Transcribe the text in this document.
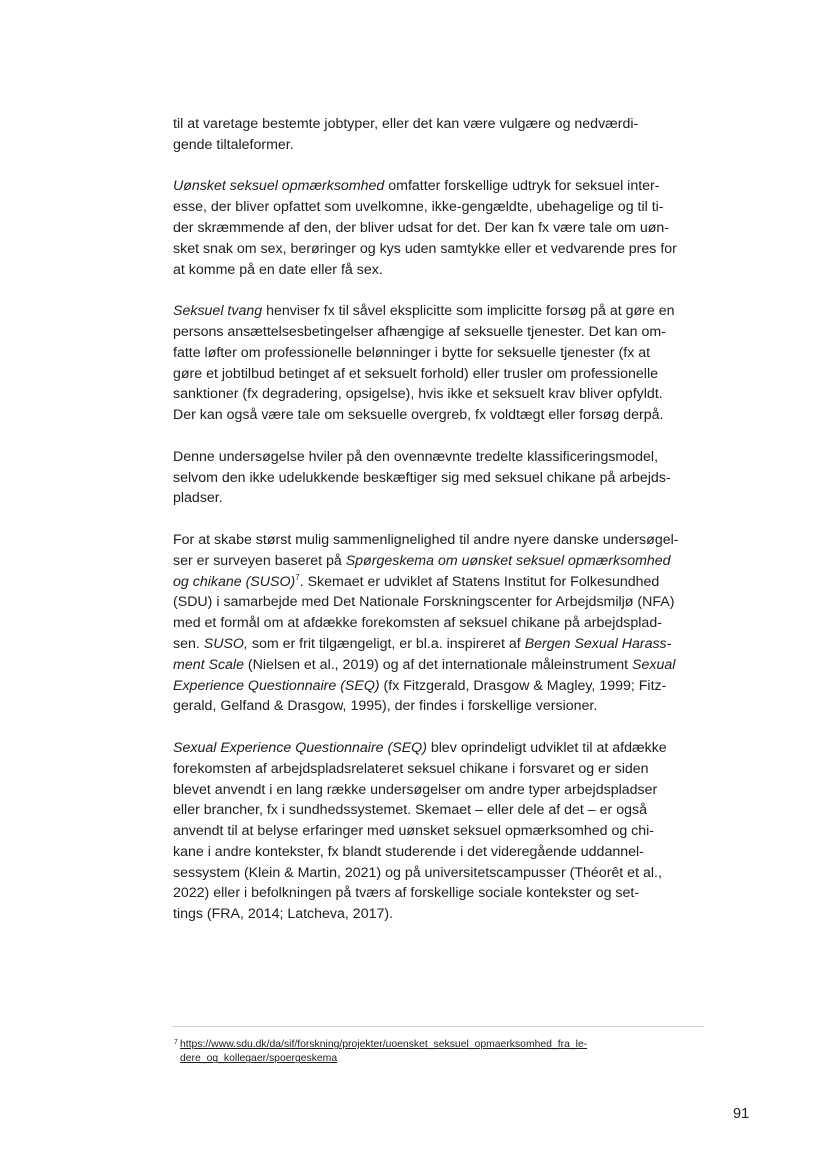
til at varetage bestemte jobtyper, eller det kan være vulgære og nedværdi-
gende tiltaleformer.

Uønsket seksuel opmærksomhed omfatter forskellige udtryk for seksuel inter-
esse, der bliver opfattet som uvelkomne, ikke-gengældte, ubehagelige og til ti-
der skræmmende af den, der bliver udsat for det. Der kan fx være tale om uøn-
sket snak om sex, berøringer og kys uden samtykke eller et vedvarende pres for
at komme på en date eller få sex.

Seksuel tvang henviser fx til såvel eksplicitte som implicitte forsøg på at gøre en
persons ansættelsesbetingelser afhængige af seksuelle tjenester. Det kan om-
fatte løfter om professionelle belønninger i bytte for seksuelle tjenester (fx at
gøre et jobtilbud betinget af et seksuelt forhold) eller trusler om professionelle
sanktioner (fx degradering, opsigelse), hvis ikke et seksuelt krav bliver opfyldt.
Der kan også være tale om seksuelle overgreb, fx voldtægt eller forsøg derpå.

Denne undersøgelse hviler på den ovennævnte tredelte klassificeringsmodel,
selvom den ikke udelukkende beskæftiger sig med seksuel chikane på arbejds-
pladser.

For at skabe størst mulig sammenlignelighed til andre nyere danske undersøgel-
ser er surveyen baseret på Spørgeskema om uønsket seksuel opmærksomhed
og chikane (SUSO)$^7$. Skemaet er udviklet af Statens Institut for Folkesundhed
(SDU) i samarbejde med Det Nationale Forskningscenter for Arbejdsmiljø (NFA)
med et formål om at afdække forekomsten af seksuel chikane på arbejdsplad-
sen. SUSO, som er frit tilgængeligt, er bl.a. inspireret af Bergen Sexual Harass-
ment Scale (Nielsen et al., 2019) og af det internationale måleinstrument Sexual
Experience Questionnaire (SEQ) (fx Fitzgerald, Drasgow & Magley, 1999; Fitz-
gerald, Gelfand & Drasgow, 1995), der findes i forskellige versioner.

Sexual Experience Questionnaire (SEQ) blev oprindeligt udviklet til at afdække
forekomsten af arbejdspladsrelateret seksuel chikane i forsvaret og er siden
blevet anvendt i en lang række undersøgelser om andre typer arbejdspladser
eller brancher, fx i sundhedssystemet. Skemaet – eller dele af det – er også
anvendt til at belyse erfaringer med uønsket seksuel opmærksomhed og chi-
kane i andre kontekster, fx blandt studerende i det videregående uddannel-
sessystem (Klein & Martin, 2021) og på universitetscampusser (Théorêt et al.,
2022) eller i befolkningen på tværs af forskellige sociale kontekster og set-
tings (FRA, 2014; Latcheva, 2017).

7 https://www.sdu.dk/da/sif/forskning/projekter/uoensket_seksuel_opmaerksomhed_fra_le-
dere_og_kollegaer/spoergeskema
91
